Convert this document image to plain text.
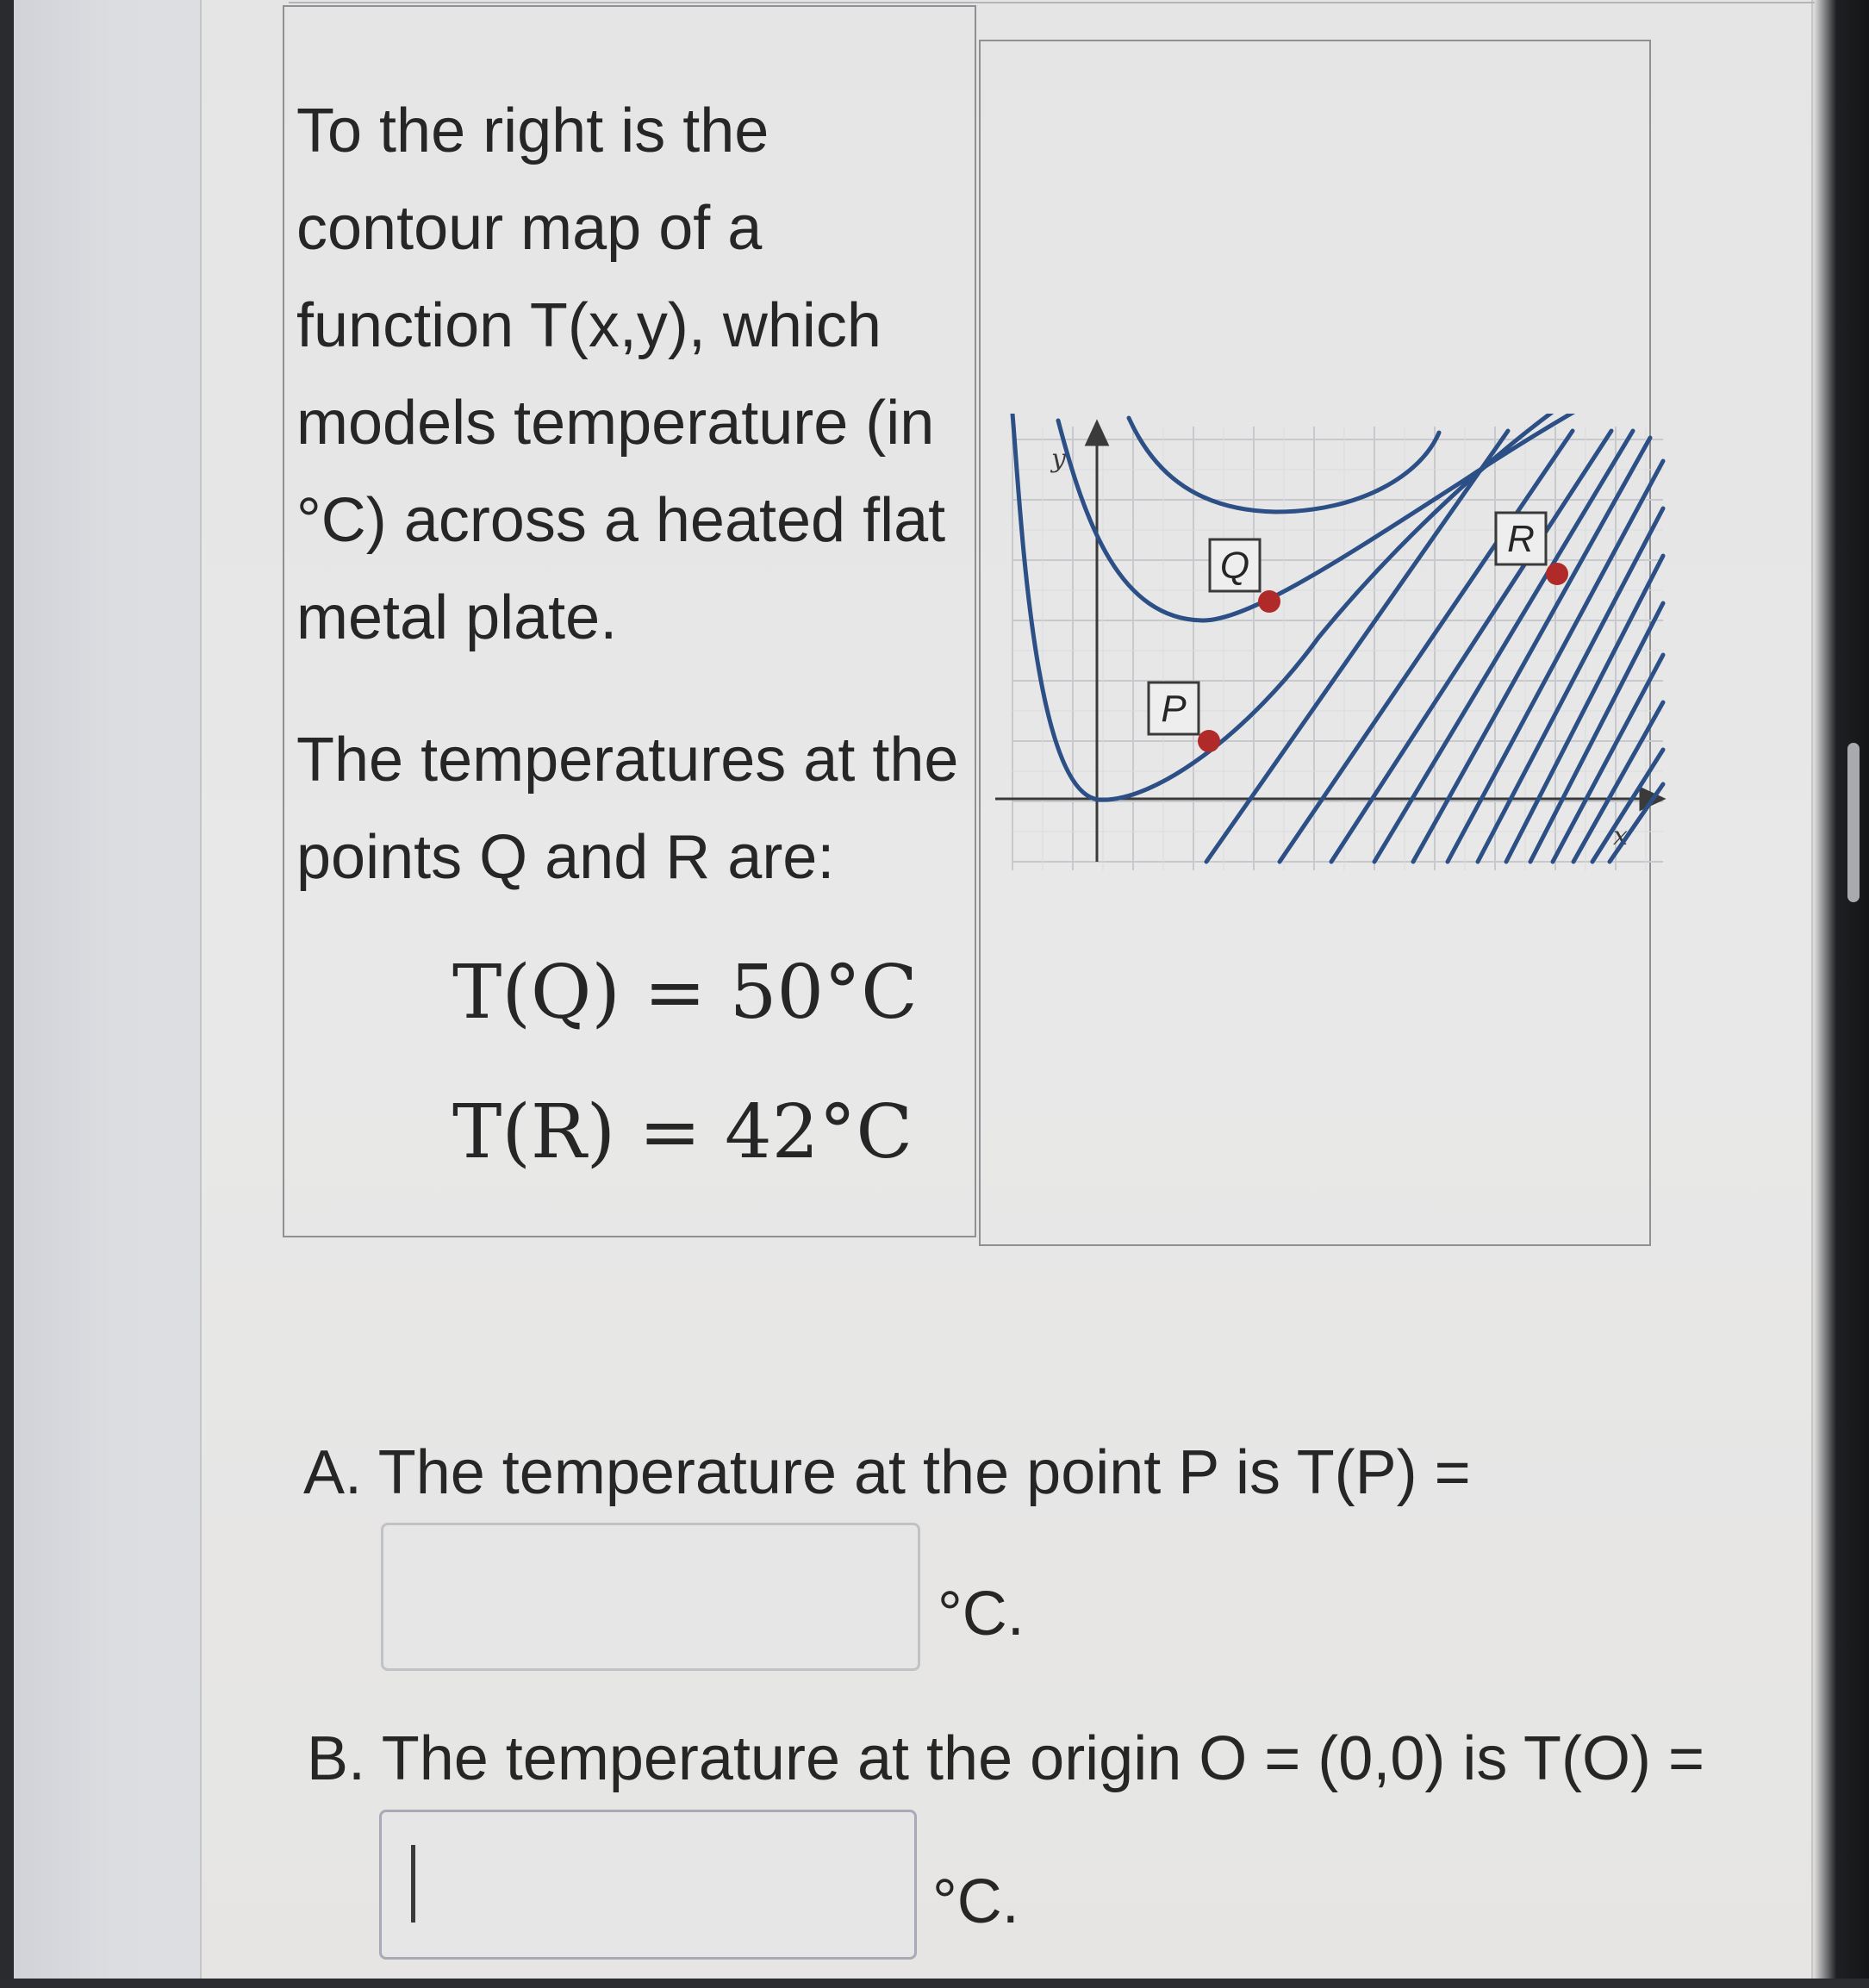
To the right is the
contour map of a
function T(x,y), which
models temperature (in
°C) across a heated flat
metal plate.
The temperatures at the
points Q and R are:
T(Q) = 50°C
T(R) = 42°C
y
x
P
Q
R
A. The temperature at the point P is T(P) =
°C.
B. The temperature at the origin O = (0,0) is T(O) =
°C.
